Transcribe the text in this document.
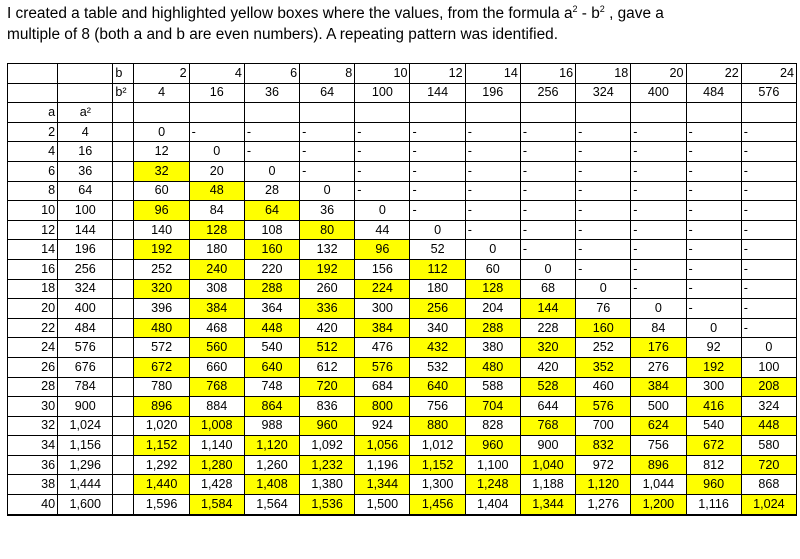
I created a table and highlighted yellow boxes where the values, from the formula $a^2 - b^2$ , gave a
multiple of 8 (both a and b are even numbers). A repeating pattern was identified.

		b	2	4	6	8	10	12	14	16	18	20	22	24
		b²	4	16	36	64	100	144	196	256	324	400	484	576
a	a²													
2	4		0	-	-	-	-	-	-	-	-	-	-	-
4	16		12	0	-	-	-	-	-	-	-	-	-	-
6	36		32	20	0	-	-	-	-	-	-	-	-	-
8	64		60	48	28	0	-	-	-	-	-	-	-	-
10	100		96	84	64	36	0	-	-	-	-	-	-	-
12	144		140	128	108	80	44	0	-	-	-	-	-	-
14	196		192	180	160	132	96	52	0	-	-	-	-	-
16	256		252	240	220	192	156	112	60	0	-	-	-	-
18	324		320	308	288	260	224	180	128	68	0	-	-	-
20	400		396	384	364	336	300	256	204	144	76	0	-	-
22	484		480	468	448	420	384	340	288	228	160	84	0	-
24	576		572	560	540	512	476	432	380	320	252	176	92	0
26	676		672	660	640	612	576	532	480	420	352	276	192	100
28	784		780	768	748	720	684	640	588	528	460	384	300	208
30	900		896	884	864	836	800	756	704	644	576	500	416	324
32	1,024		1,020	1,008	988	960	924	880	828	768	700	624	540	448
34	1,156		1,152	1,140	1,120	1,092	1,056	1,012	960	900	832	756	672	580
36	1,296		1,292	1,280	1,260	1,232	1,196	1,152	1,100	1,040	972	896	812	720
38	1,444		1,440	1,428	1,408	1,380	1,344	1,300	1,248	1,188	1,120	1,044	960	868
40	1,600		1,596	1,584	1,564	1,536	1,500	1,456	1,404	1,344	1,276	1,200	1,116	1,024
